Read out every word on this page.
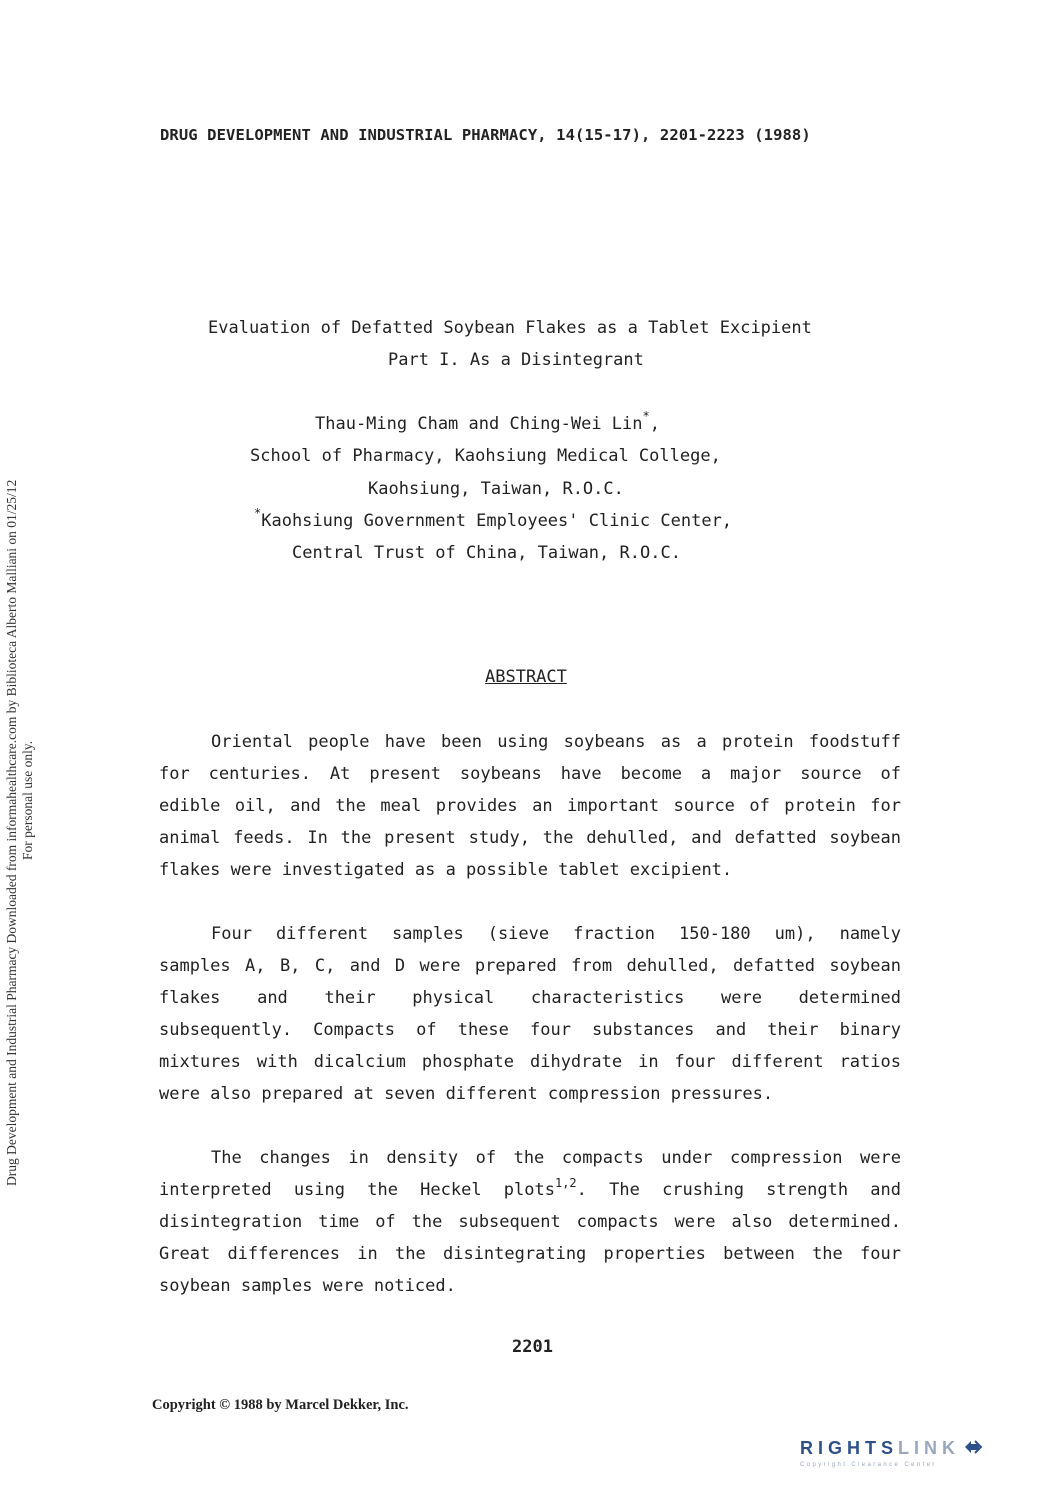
Drug Development and Industrial Pharmacy Downloaded from informahealthcare.com by Biblioteca Alberto Malliani on 01/25/12 For personal use only.
DRUG DEVELOPMENT AND INDUSTRIAL PHARMACY, 14(15-17), 2201-2223 (1988)
Evaluation of Defatted Soybean Flakes as a Tablet Excipient
Part I. As a Disintegrant
Thau-Ming Cham and Ching-Wei Lin*,
School of Pharmacy, Kaohsiung Medical College,
Kaohsiung, Taiwan, R.O.C.
*Kaohsiung Government Employees' Clinic Center,
Central Trust of China, Taiwan, R.O.C.
ABSTRACT
Oriental people have been using soybeans as a protein foodstuff
for centuries. At present soybeans have become a major source of
edible oil, and the meal provides an important source of protein for
animal feeds. In the present study, the dehulled, and defatted soybean
flakes were investigated as a possible tablet excipient.
Four different samples (sieve fraction 150-180 um), namely
samples A, B, C, and D were prepared from dehulled, defatted soybean
flakes and their physical characteristics were determined
subsequently. Compacts of these four substances and their binary
mixtures with dicalcium phosphate dihydrate in four different ratios
were also prepared at seven different compression pressures.
The changes in density of the compacts under compression were
interpreted using the Heckel plots$^{1,2}$. The crushing strength and
disintegration time of the subsequent compacts were also determined.
Great differences in the disintegrating properties between the four
soybean samples were noticed.
2201
Copyright © 1988 by Marcel Dekker, Inc.
RIGHTSLINK
Copyright Clearance Center
